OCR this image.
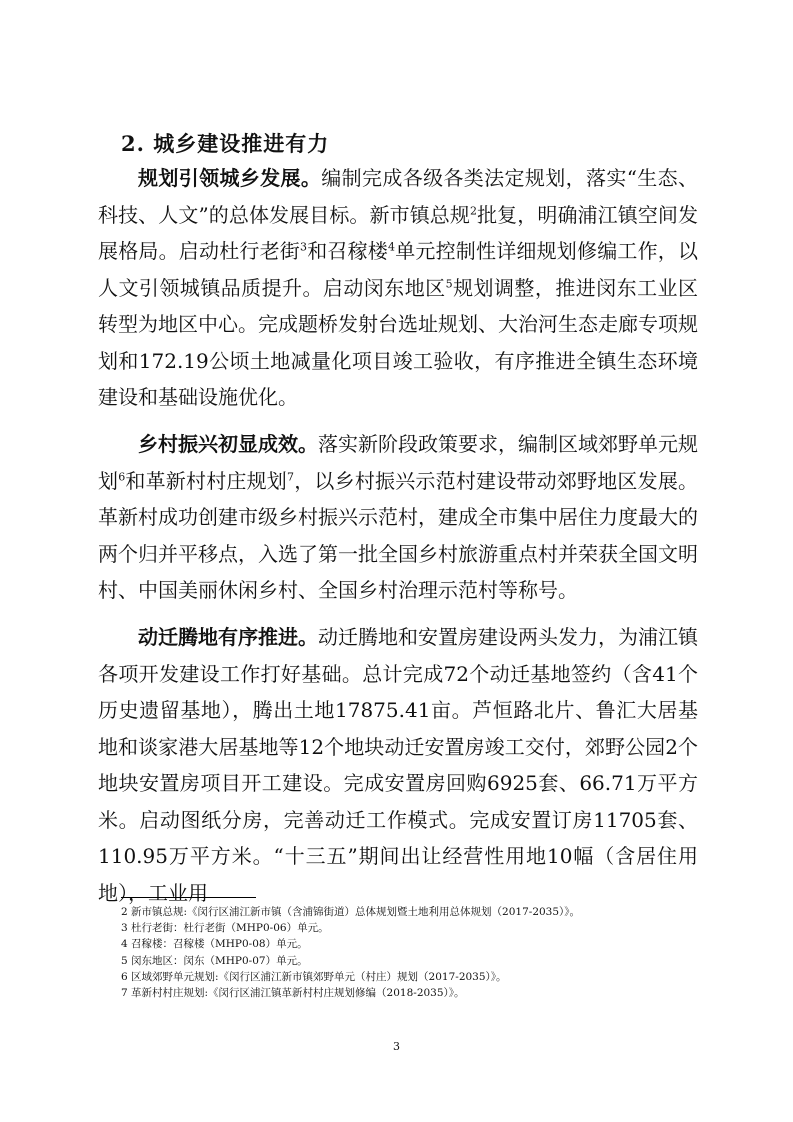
2. 城乡建设推进有力

规划引领城乡发展。编制完成各级各类法定规划，落实“生态、科技、人文”的总体发展目标。新市镇总规$^2$批复，明确浦江镇空间发展格局。启动杜行老街$^3$和召稼楼$^4$单元控制性详细规划修编工作，以人文引领城镇品质提升。启动闵东地区$^5$规划调整，推进闵东工业区转型为地区中心。完成题桥发射台选址规划、大治河生态走廊专项规划和172.19公顷土地减量化项目竣工验收，有序推进全镇生态环境建设和基础设施优化。

乡村振兴初显成效。落实新阶段政策要求，编制区域郊野单元规划$^6$和革新村村庄规划$^7$，以乡村振兴示范村建设带动郊野地区发展。革新村成功创建市级乡村振兴示范村，建成全市集中居住力度最大的两个归并平移点，入选了第一批全国乡村旅游重点村并荣获全国文明村、中国美丽休闲乡村、全国乡村治理示范村等称号。

动迁腾地有序推进。动迁腾地和安置房建设两头发力，为浦江镇各项开发建设工作打好基础。总计完成72个动迁基地签约（含41个历史遗留基地），腾出土地17875.41亩。芦恒路北片、鲁汇大居基地和谈家港大居基地等12个地块动迁安置房竣工交付，郊野公园2个地块安置房项目开工建设。完成安置房回购6925套、66.71万平方米。启动图纸分房，完善动迁工作模式。完成安置订房11705套、110.95万平方米。“十三五”期间出让经营性用地10幅（含居住用地），工业用

2 新市镇总规:《闵行区浦江新市镇（含浦锦街道）总体规划暨土地利用总体规划（2017-2035）》。
3 杜行老街：杜行老街（MHP0-06）单元。
4 召稼楼：召稼楼（MHP0-08）单元。
5 闵东地区：闵东（MHP0-07）单元。
6 区域郊野单元规划:《闵行区浦江新市镇郊野单元（村庄）规划（2017-2035）》。
7 革新村村庄规划:《闵行区浦江镇革新村村庄规划修编（2018-2035）》。
3
